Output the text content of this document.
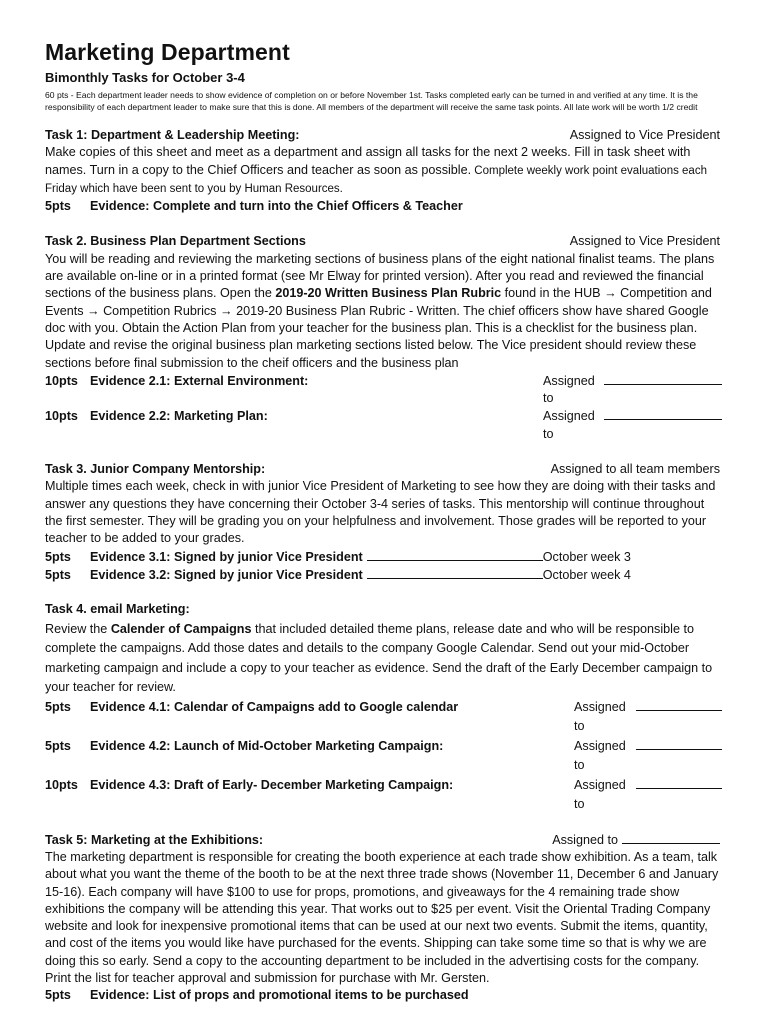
Marketing Department
Bimonthly Tasks for October 3-4
60 pts - Each department leader needs to show evidence of completion on or before November 1st. Tasks completed early can be turned in and verified at any time. It is the responsibility of each department leader to make sure that this is done. All members of the department will receive the same task points. All late work will be worth 1/2 credit
Task 1: Department & Leadership Meeting:	Assigned to Vice President
Make copies of this sheet and meet as a department and assign all tasks for the next 2 weeks. Fill in task sheet with names. Turn in a copy to the Chief Officers and teacher as soon as possible. Complete weekly work point evaluations each Friday which have been sent to you by Human Resources.
5pts	Evidence: Complete and turn into the Chief Officers & Teacher
Task 2. Business Plan Department Sections	Assigned to Vice President
You will be reading and reviewing the marketing sections of business plans of the eight national finalist teams. The plans are available on-line or in a printed format (see Mr Elway for printed version). After you read and reviewed the financial sections of the business plans. Open the 2019-20 Written Business Plan Rubric found in the HUB → Competition and Events → Competition Rubrics → 2019-20 Business Plan Rubric - Written. The chief officers show have shared Google doc with you. Obtain the Action Plan from your teacher for the business plan. This is a checklist for the business plan. Update and revise the original business plan marketing sections listed below. The Vice president should review these sections before final submission to the cheif officers and the business plan
10pts Evidence 2.1: External Environment:	Assigned to
10pts Evidence 2.2: Marketing Plan:	Assigned to
Task 3. Junior Company Mentorship:	Assigned to all team members
Multiple times each week, check in with junior Vice President of Marketing to see how they are doing with their tasks and answer any questions they have concerning their October 3-4 series of tasks. This mentorship will continue throughout the first semester. They will be grading you on your helpfulness and involvement. Those grades will be reported to your teacher to be added to your grades.
5pts	Evidence 3.1: Signed by junior Vice President	October week 3
5pts	Evidence 3.2: Signed by junior Vice President	October week 4
Task 4. email Marketing:
Review the Calender of Campaigns that included detailed theme plans, release date and who will be responsible to complete the campaigns. Add those dates and details to the company Google Calendar. Send out your mid-October marketing campaign and include a copy to your teacher as evidence. Send the draft of the Early December campaign to your teacher for review.
5pts	Evidence 4.1: Calendar of Campaigns add to Google calendar	Assigned to
5pts	Evidence 4.2: Launch of Mid-October Marketing Campaign:	Assigned to
10pts Evidence 4.3: Draft of Early- December Marketing Campaign:	Assigned to
Task 5: Marketing at the Exhibitions:	Assigned to
The marketing department is responsible for creating the booth experience at each trade show exhibition. As a team, talk about what you want the theme of the booth to be at the next three trade shows (November 11, December 6 and January 15-16). Each company will have $100 to use for props, promotions, and giveaways for the 4 remaining trade show exhibitions the company will be attending this year. That works out to $25 per event. Visit the Oriental Trading Company website and look for inexpensive promotional items that can be used at our next two events. Submit the items, quantity, and cost of the items you would like have purchased for the events. Shipping can take some time so that is why we are doing this so early. Send a copy to the accounting department to be included in the advertising costs for the company. Print the list for teacher approval and submission for purchase with Mr. Gersten.
5pts	Evidence: List of props and promotional items to be purchased
